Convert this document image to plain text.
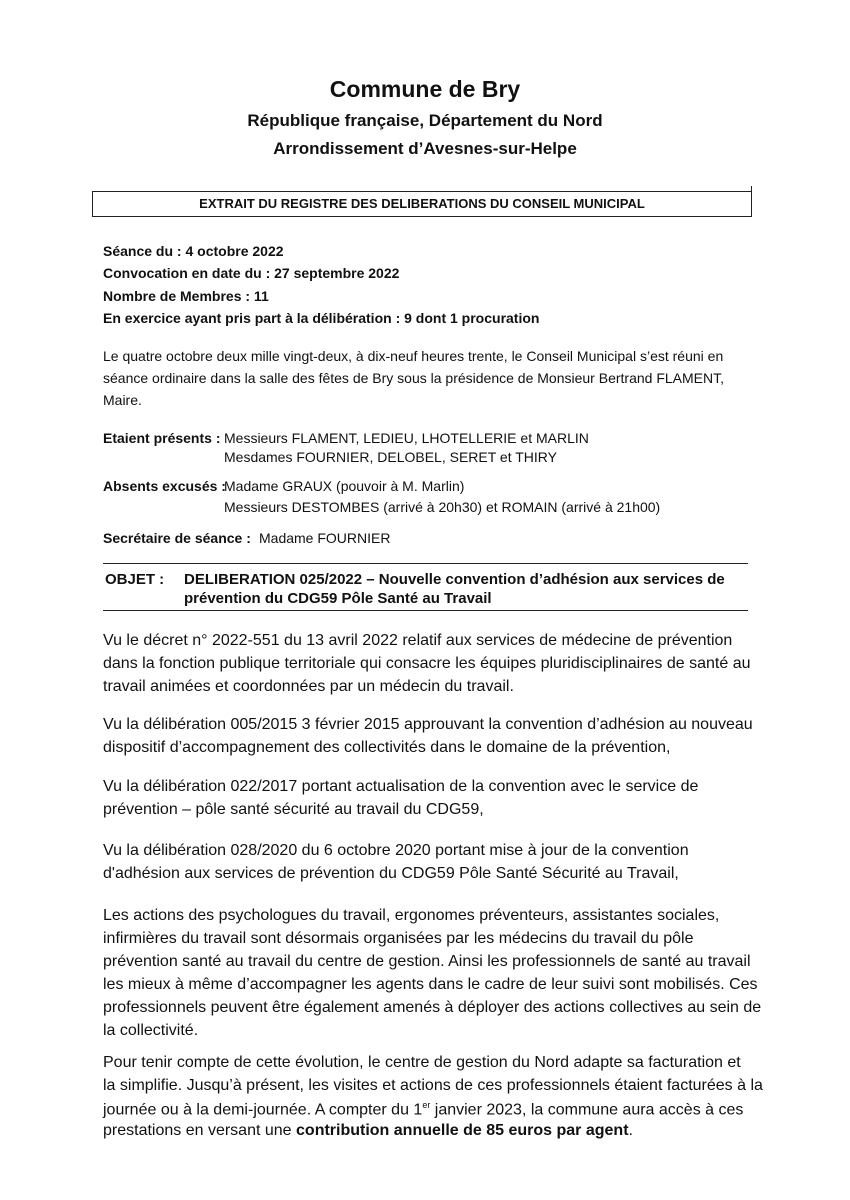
Commune de Bry
République française, Département du Nord
Arrondissement d’Avesnes-sur-Helpe
EXTRAIT DU REGISTRE DES DELIBERATIONS DU CONSEIL MUNICIPAL
Séance du : 4 octobre 2022
Convocation en date du : 27 septembre 2022
Nombre de Membres : 11
En exercice ayant pris part à la délibération : 9 dont 1 procuration
Le quatre octobre deux mille vingt-deux, à dix-neuf heures trente, le Conseil Municipal s’est réuni en
séance ordinaire dans la salle des fêtes de Bry sous la présidence de Monsieur Bertrand FLAMENT,
Maire.
Etaient présents : Messieurs FLAMENT, LEDIEU, LHOTELLERIE et MARLIN
Mesdames FOURNIER, DELOBEL, SERET et THIRY
Absents excusés :
Madame GRAUX (pouvoir à M. Marlin)
Messieurs DESTOMBES (arrivé à 20h30) et ROMAIN (arrivé à 21h00)
Secrétaire de séance : Madame FOURNIER
OBJET : DELIBERATION 025/2022 – Nouvelle convention d’adhésion aux services de
prévention du CDG59 Pôle Santé au Travail
Vu le décret n° 2022-551 du 13 avril 2022 relatif aux services de médecine de prévention
dans la fonction publique territoriale qui consacre les équipes pluridisciplinaires de santé au
travail animées et coordonnées par un médecin du travail.
Vu la délibération 005/2015 3 février 2015 approuvant la convention d’adhésion au nouveau
dispositif d’accompagnement des collectivités dans le domaine de la prévention,
Vu la délibération 022/2017 portant actualisation de la convention avec le service de
prévention – pôle santé sécurité au travail du CDG59,
Vu la délibération 028/2020 du 6 octobre 2020 portant mise à jour de la convention
d'adhésion aux services de prévention du CDG59 Pôle Santé Sécurité au Travail,
Les actions des psychologues du travail, ergonomes préventeurs, assistantes sociales,
infirmières du travail sont désormais organisées par les médecins du travail du pôle
prévention santé au travail du centre de gestion. Ainsi les professionnels de santé au travail
les mieux à même d’accompagner les agents dans le cadre de leur suivi sont mobilisés. Ces
professionnels peuvent être également amenés à déployer des actions collectives au sein de
la collectivité.
Pour tenir compte de cette évolution, le centre de gestion du Nord adapte sa facturation et
la simplifie. Jusqu’à présent, les visites et actions de ces professionnels étaient facturées à la
journée ou à la demi-journée. A compter du 1er janvier 2023, la commune aura accès à ces
prestations en versant une contribution annuelle de 85 euros par agent.
